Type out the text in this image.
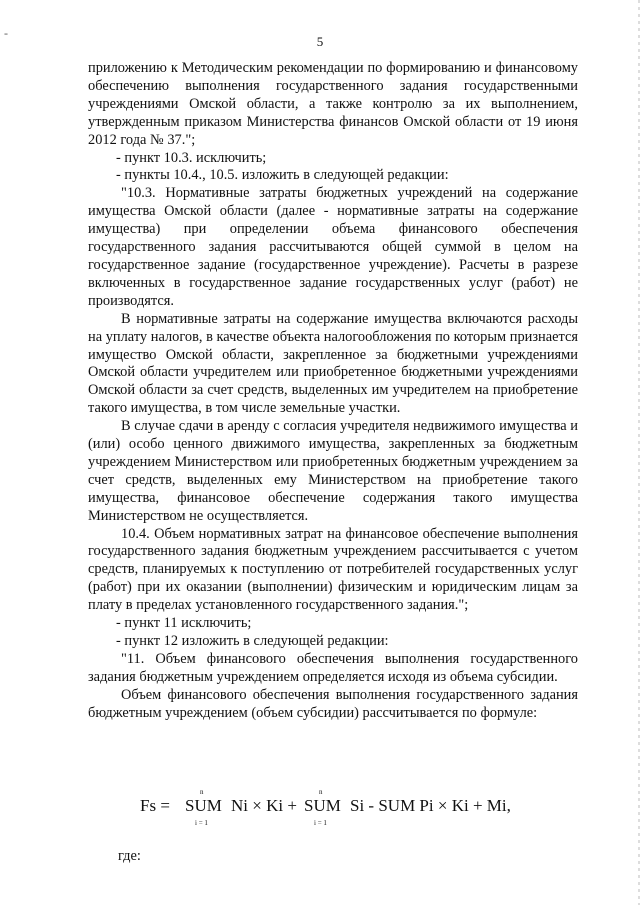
5
-

приложению к Методическим рекомендации по формированию и финансовому обеспечению выполнения государственного задания государственными учреждениями Омской области, а также контролю за их выполнением, утвержденным приказом Министерства финансов Омской области от 19 июня 2012 года № 37.";

- пункт 10.3. исключить;

- пункты 10.4., 10.5. изложить в следующей редакции:

"10.3. Нормативные затраты бюджетных учреждений на содержание имущества Омской области (далее - нормативные затраты на содержание имущества) при определении объема финансового обеспечения государственного задания рассчитываются общей суммой в целом на государственное задание (государственное учреждение). Расчеты в разрезе включенных в государственное задание государственных услуг (работ) не производятся.

В нормативные затраты на содержание имущества включаются расходы на уплату налогов, в качестве объекта налогообложения по которым признается имущество Омской области, закрепленное за бюджетными учреждениями Омской области учредителем или приобретенное бюджетными учреждениями Омской области за счет средств, выделенных им учредителем на приобретение такого имущества, в том числе земельные участки.

В случае сдачи в аренду с согласия учредителя недвижимого имущества и (или) особо ценного движимого имущества, закрепленных за бюджетным учреждением Министерством или приобретенных бюджетным учреждением за счет средств, выделенных ему Министерством на приобретение такого имущества, финансовое обеспечение содержания такого имущества Министерством не осуществляется.

10.4. Объем нормативных затрат на финансовое обеспечение выполнения государственного задания бюджетным учреждением рассчитывается с учетом средств, планируемых к поступлению от потребителей государственных услуг (работ) при их оказании (выполнении) физическим и юридическим лицам за плату в пределах установленного государственного задания.";

- пункт 11 исключить;

- пункт 12 изложить в следующей редакции:

"11. Объем финансового обеспечения выполнения государственного задания бюджетным учреждением определяется исходя из объема субсидии.

Объем финансового обеспечения выполнения государственного задания бюджетным учреждением (объем субсидии) рассчитывается по формуле:

Fs = SUM
n
i = 1
Ni × Ki + SUM
n
i = 1
Si - SUM Pi × Ki + Mi,
где:
